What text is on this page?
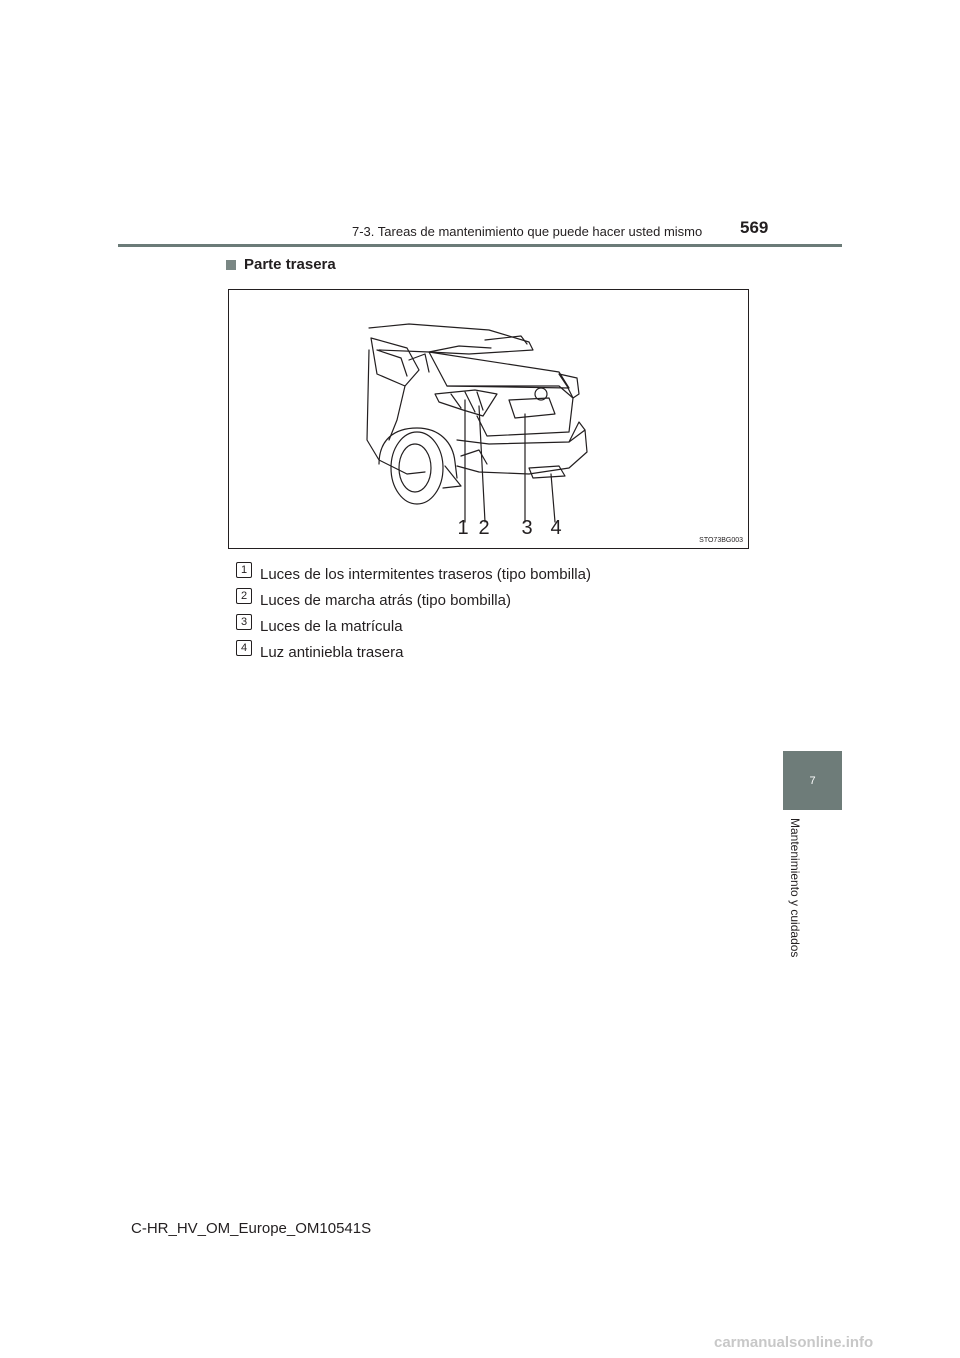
7-3. Tareas de mantenimiento que puede hacer usted mismo 569
Parte trasera
1 2 3 4
STO73BG003
1 Luces de los intermitentes traseros (tipo bombilla)
2 Luces de marcha atrás (tipo bombilla)
3 Luces de la matrícula
4 Luz antiniebla trasera
7
Mantenimiento y cuidados
C-HR_HV_OM_Europe_OM10541S
carmanualsonline.info
